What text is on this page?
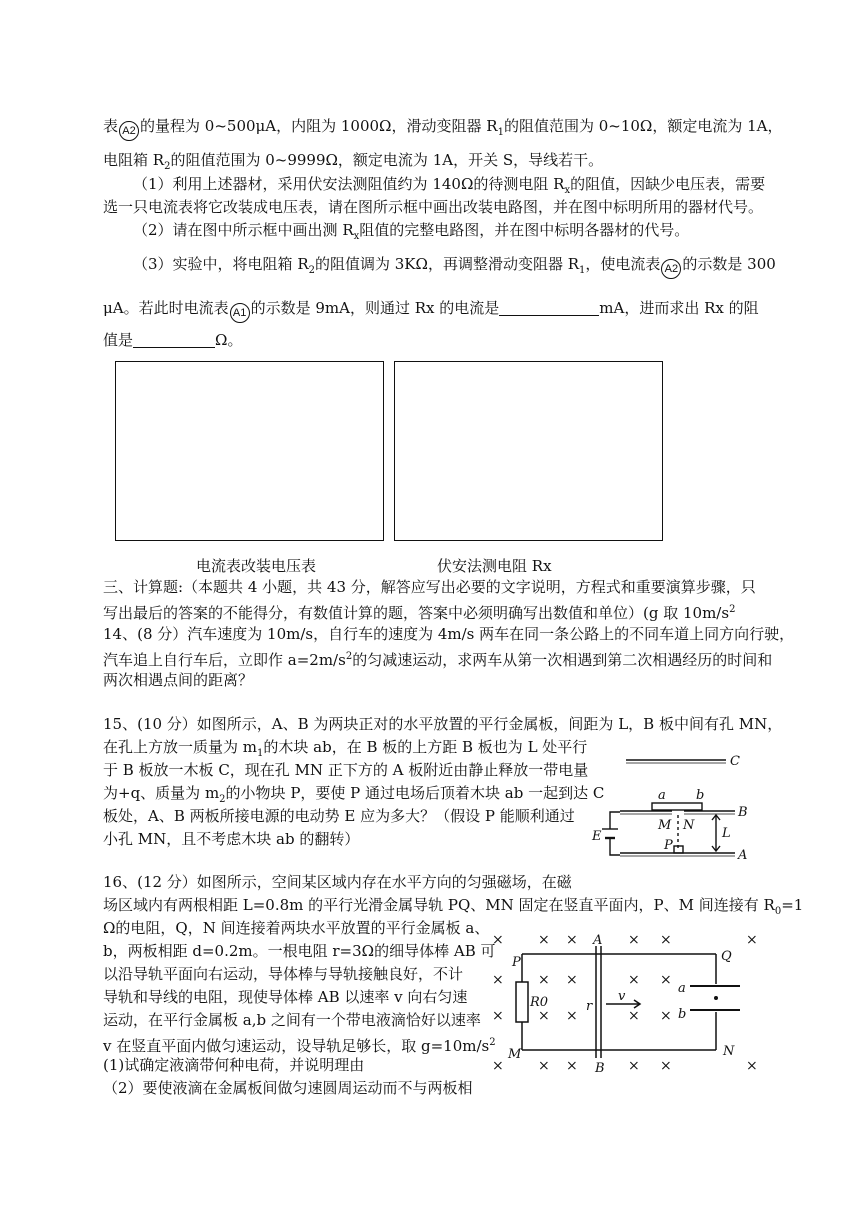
表 A2 的量程为 0~500μA，内阻为 1000Ω，滑动变阻器 $R_1$的阻值范围为 0~10Ω，额定电流为 1A，
电阻箱 $R_2$的阻值范围为 0~9999Ω，额定电流为 1A，开关 S，导线若干。
（1）利用上述器材，采用伏安法测阻值约为 140Ω的待测电阻 $R_x$的阻值，因缺少电压表，需要
选一只电流表将它改装成电压表，请在图所示框中画出改装电路图，并在图中标明所用的器材代号。
（2）请在图中所示框中画出测 $R_x$阻值的完整电路图，并在图中标明各器材的代号。
（3）实验中，将电阻箱 $R_2$的阻值调为 3KΩ，再调整滑动变阻器 $R_1$，使电流表 A2 的示数是 300
μA。若此时电流表 A1 的示数是 9mA，则通过 Rx 的电流是	mA，进而求出 Rx 的阻
值是	Ω。
电流表改装电压表	伏安法测电阻 Rx
三、计算题:（本题共 4 小题，共 43 分，解答应写出必要的文字说明，方程式和重要演算步骤，只
写出最后的答案的不能得分，有数值计算的题，答案中必须明确写出数值和单位）(g 取 $10m/s^2$
14、(8 分）汽车速度为 10m/s，自行车的速度为 4m/s 两车在同一条公路上的不同车道上同方向行驶，
汽车追上自行车后，立即作 $a=2m/s^2$的匀减速运动，求两车从第一次相遇到第二次相遇经历的时间和
两次相遇点间的距离？
15、(10 分）如图所示，A、B 为两块正对的水平放置的平行金属板，间距为 L，B 板中间有孔 MN，
在孔上方放一质量为 $m_1$的木块 ab，在 B 板的上方距 B 板也为 L 处平行
于 B 板放一木板 C，现在孔 MN 正下方的 A 板附近由静止释放一带电量
为+q、质量为 $m_2$的小物块 P，要使 P 通过电场后顶着木块 ab 一起到达 C
板处，A、B 两板所接电源的电动势 E 应为多大？（假设 P 能顺利通过
小孔 MN，且不考虑木块 ab 的翻转）
C
a b
B
M N
L
E
P
A
16、(12 分）如图所示，空间某区域内存在水平方向的匀强磁场，在磁
场区域内有两根相距 L=0.8m 的平行光滑金属导轨 PQ、MN 固定在竖直平面内，P、M 间连接有 $R_0=1$
Ω的电阻，Q，N 间连接着两块水平放置的平行金属板 a、
b，两板相距 d=0.2m。一根电阻 r=3Ω的细导体棒 AB 可
以沿导轨平面向右运动，导体棒与导轨接触良好，不计
导轨和导线的电阻，现使导体棒 AB 以速率 v 向右匀速
运动，在平行金属板 a,b 之间有一个带电液滴恰好以速率
v 在竖直平面内做匀速运动，设导轨足够长，取 $g=10m/s^2$
(1)试确定液滴带何种电荷，并说明理由
（2）要使液滴在金属板间做匀速圆周运动而不与两板相
× × ×	× ×	×
× × ×	× ×
× × ×	× ×
× × ×	× ×	×
A
B
P	Q
M	N
a
b
R0	r
v
